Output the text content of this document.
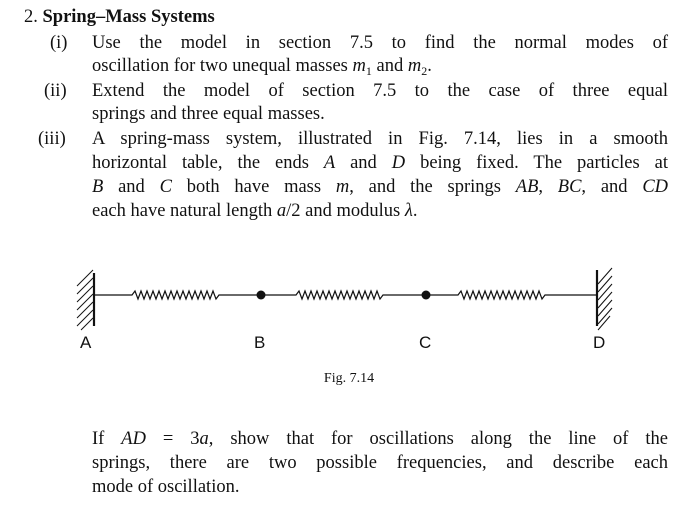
2. Spring–Mass Systems
(i) Use the model in section 7.5 to find the normal modes of
oscillation for two unequal masses $m_1$ and $m_2$.
(ii) Extend the model of section 7.5 to the case of three equal
springs and three equal masses.
(iii) A spring-mass system, illustrated in Fig. 7.14, lies in a smooth
horizontal table, the ends A and D being fixed. The particles at
B and C both have mass m, and the springs AB, BC, and CD
each have natural length a/2 and modulus λ.
A	B	C	D
Fig. 7.14
If AD = 3a, show that for oscillations along the line of the
springs, there are two possible frequencies, and describe each
mode of oscillation.
